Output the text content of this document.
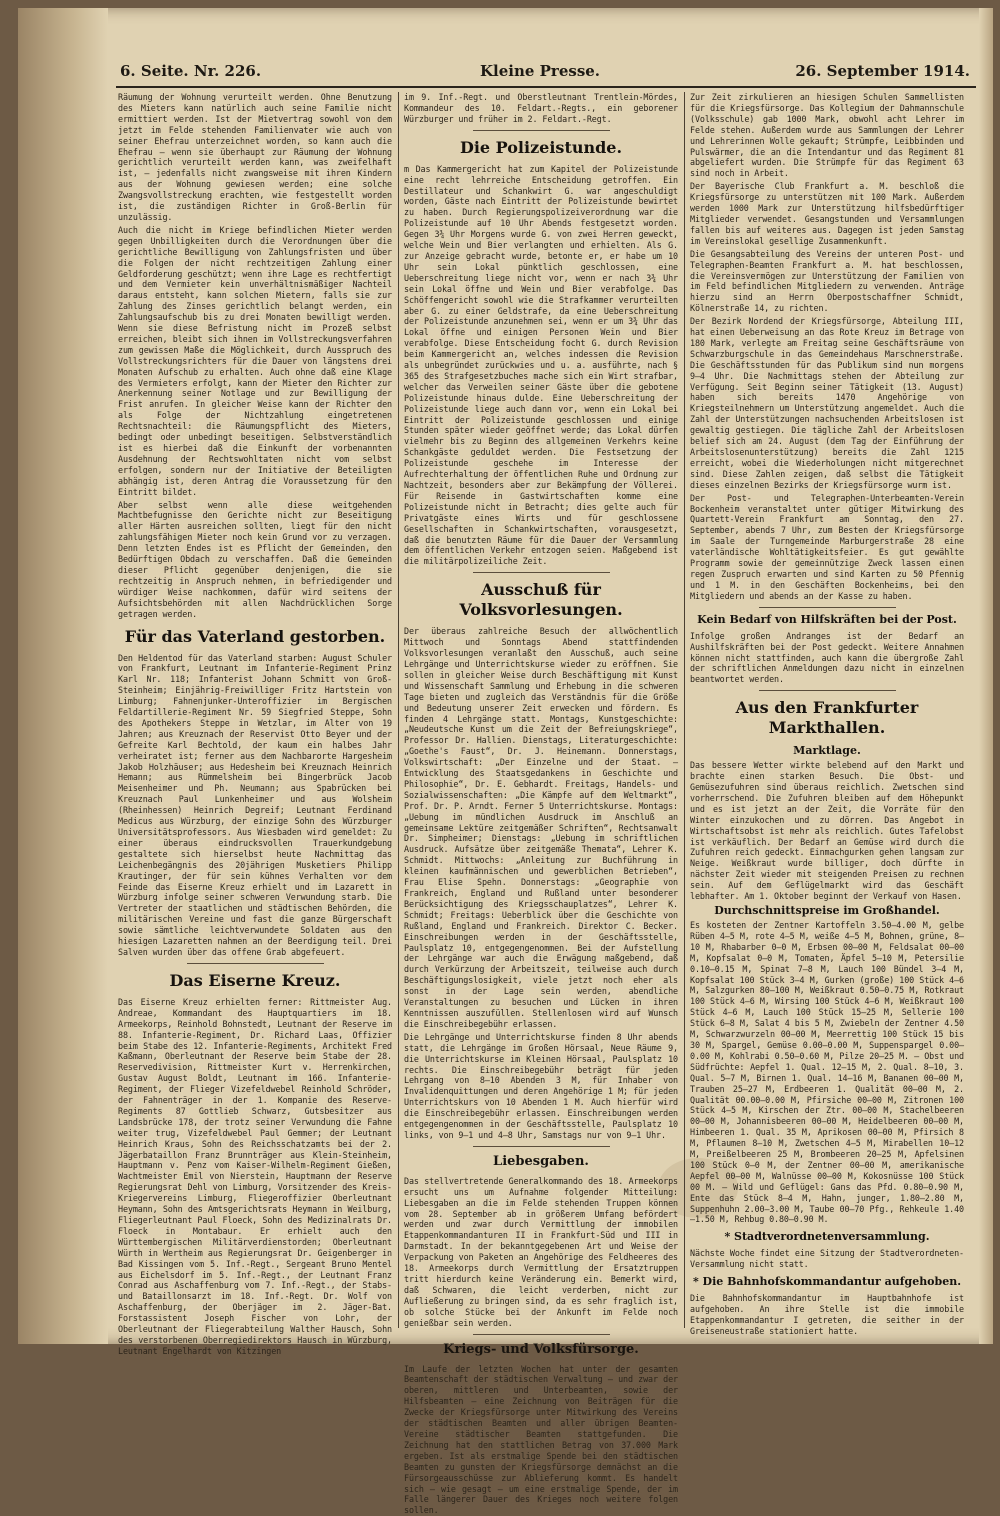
6. Seite. Nr. 226.	Kleine Presse.	26. September 1914.

Räumung der Wohnung verurteilt werden. Ohne Benutzung des Mieters kann natürlich auch seine Familie nicht ermittiert werden. Ist der Mietvertrag sowohl von dem jetzt im Felde stehenden Familienvater wie auch von seiner Ehefrau unterzeichnet worden, so kann auch die Ehefrau — wenn sie überhaupt zur Räumung der Wohnung gerichtlich verurteilt werden kann, was zweifelhaft ist, — jedenfalls nicht zwangsweise mit ihren Kindern aus der Wohnung gewiesen werden; eine solche Zwangsvollstreckung erachten, wie festgestellt worden ist, die zuständigen Richter in Groß-Berlin für unzulässig.

Auch die nicht im Kriege befindlichen Mieter werden gegen Unbilligkeiten durch die Verordnungen über die gerichtliche Bewilligung von Zahlungsfristen und über die Folgen der nicht rechtzeitigen Zahlung einer Geldforderung geschützt; wenn ihre Lage es rechtfertigt und dem Vermieter kein unverhältnismäßiger Nachteil daraus entsteht, kann solchen Mietern, falls sie zur Zahlung des Zinses gerichtlich belangt werden, ein Zahlungsaufschub bis zu drei Monaten bewilligt werden. Wenn sie diese Befristung nicht im Prozeß selbst erreichen, bleibt sich ihnen im Vollstreckungsverfahren zum gewissen Maße die Möglichkeit, durch Ausspruch des Vollstreckungsrichters für die Dauer von längstens drei Monaten Aufschub zu erhalten. Auch ohne daß eine Klage des Vermieters erfolgt, kann der Mieter den Richter zur Anerkennung seiner Notlage und zur Bewilligung der Frist anrufen. In gleicher Weise kann der Richter den als Folge der Nichtzahlung eingetretenen Rechtsnachteil: die Räumungspflicht des Mieters, bedingt oder unbedingt beseitigen. Selbstverständlich ist es hierbei daß die Einkunft der vorbenannten Ausdehnung der Rechtswohltaten nicht vom selbst erfolgen, sondern nur der Initiative der Beteiligten abhängig ist, deren Antrag die Voraussetzung für den Eintritt bildet.

Aber selbst wenn alle diese weitgehenden Machtbefugnisse den Gerichte nicht zur Beseitigung aller Härten ausreichen sollten, liegt für den nicht zahlungsfähigen Mieter noch kein Grund vor zu verzagen. Denn letzten Endes ist es Pflicht der Gemeinden, den Bedürftigen Obdach zu verschaffen. Daß die Gemeinden dieser Pflicht gegenüber denjenigen, die sie rechtzeitig in Anspruch nehmen, in befriedigender und würdiger Weise nachkommen, dafür wird seitens der Aufsichtsbehörden mit allen Nachdrücklichen Sorge getragen werden.

Für das Vaterland gestorben.

Den Heldentod für das Vaterland starben: August Schuler von Frankfurt, Leutnant im Infanterie-Regiment Prinz Karl Nr. 118; Infanterist Johann Schmitt von Groß-Steinheim; Einjährig-Freiwilliger Fritz Hartstein von Limburg; Fahnenjunker-Unteroffizier im Bergischen Feldartillerie-Regiment Nr. 59 Siegfried Steppe, Sohn des Apothekers Steppe in Wetzlar, im Alter von 19 Jahren; aus Kreuznach der Reservist Otto Beyer und der Gefreite Karl Bechtold, der kaum ein halbes Jahr verheiratet ist; ferner aus dem Nachbarorte Hargesheim Jakob Holzhäuser; aus Hedesheim bei Kreuznach Heinrich Hemann; aus Rümmelsheim bei Bingerbrück Jacob Meisenheimer und Ph. Neumann; aus Spabrücken bei Kreuznach Paul Lunkenheimer und aus Wolsheim (Rheinhessen) Heinrich Degreif; Leutnant Ferdinand Medicus aus Würzburg, der einzige Sohn des Würzburger Universitätsprofessors. Aus Wiesbaden wird gemeldet: Zu einer überaus eindrucksvollen Trauerkundgebung gestaltete sich hierselbst heute Nachmittag das Leichenbegängnis des 20jährigen Musketiers Philipp Krautinger, der für sein kühnes Verhalten vor dem Feinde das Eiserne Kreuz erhielt und im Lazarett in Würzburg infolge seiner schweren Verwundung starb. Die Vertreter der staatlichen und städtischen Behörden, die militärischen Vereine und fast die ganze Bürgerschaft sowie sämtliche leichtverwundete Soldaten aus den hiesigen Lazaretten nahmen an der Beerdigung teil. Drei Salven wurden über das offene Grab abgefeuert.

Das Eiserne Kreuz.

Das Eiserne Kreuz erhielten ferner: Rittmeister Aug. Andreae, Kommandant des Hauptquartiers im 18. Armeekorps, Reinhold Bohnstedt, Leutnant der Reserve im 88. Infanterie-Regiment, Dr. Richard Laas, Offizier beim Stabe des 12. Infanterie-Regiments, Architekt Fred Kaßmann, Oberleutnant der Reserve beim Stabe der 28. Reservedivision, Rittmeister Kurt v. Herrenkirchen, Gustav August Boldt, Leutnant im 166. Infanterie-Regiment, der Flieger Vizefeldwebel Reinhold Schröder, der Fahnenträger in der 1. Kompanie des Reserve-Regiments 87 Gottlieb Schwarz, Gutsbesitzer aus Landsbrücke 178, der trotz seiner Verwundung die Fahne weiter trug, Vizefeldwebel Paul Gemmer; der Leutnant Heinrich Kraus, Sohn des Reichsschatzamts bei der 2. Jägerbataillon Franz Brunnträger aus Klein-Steinheim, Hauptmann v. Penz vom Kaiser-Wilhelm-Regiment Gießen, Wachtmeister Emil von Nierstein, Hauptmann der Reserve Regierungsrat Dehl von Limburg, Vorsitzender des Kreis-Kriegervereins Limburg, Fliegeroffizier Oberleutnant Heymann, Sohn des Amtsgerichtsrats Heymann in Weilburg, Fliegerleutnant Paul Floeck, Sohn des Medizinalrats Dr. Floeck in Montabaur. Er erhielt auch den Württembergischen Militärverdienstorden; Oberleutnant Würth in Wertheim aus Regierungsrat Dr. Geigenberger in Bad Kissingen vom 5. Inf.-Regt., Sergeant Bruno Mentel aus Eichelsdorf im 5. Inf.-Regt., der Leutnant Franz Conrad aus Aschaffenburg vom 7. Inf.-Regt., der Stabs- und Bataillonsarzt im 18. Inf.-Regt. Dr. Wolf von Aschaffenburg, der Oberjäger im 2. Jäger-Bat. Forstassistent Joseph Fischer von Lohr, der Oberleutnant der Fliegerabteilung Walther Hausch, Sohn des verstorbenen Oberregiedirektors Hausch in Würzburg, Leutnant Engelhardt von Kitzingen

im 9. Inf.-Regt. und Oberstleutnant Trentlein-Mördes, Kommandeur des 10. Feldart.-Regts., ein geborener Würzburger und früher im 2. Feldart.-Regt.

Die Polizeistunde.

m Das Kammergericht hat zum Kapitel der Polizeistunde eine recht lehrreiche Entscheidung getroffen. Ein Destillateur und Schankwirt G. war angeschuldigt worden, Gäste nach Eintritt der Polizeistunde bewirtet zu haben. Durch Regierungspolizeiverordnung war die Polizeistunde auf 10 Uhr Abends festgesetzt worden. Gegen 3¾ Uhr Morgens wurde G. von zwei Herren geweckt, welche Wein und Bier verlangten und erhielten. Als G. zur Anzeige gebracht wurde, betonte er, er habe um 10 Uhr sein Lokal pünktlich geschlossen, eine Ueberschreitung liege nicht vor, wenn er nach 3¾ Uhr sein Lokal öffne und Wein und Bier verabfolge. Das Schöffengericht sowohl wie die Strafkammer verurteilten aber G. zu einer Geldstrafe, da eine Ueberschreitung der Polizeistunde anzunehmen sei, wenn er um 3¾ Uhr das Lokal öffne und einigen Personen Wein und Bier verabfolge. Diese Entscheidung focht G. durch Revision beim Kammergericht an, welches indessen die Revision als unbegründet zurückwies und u. a. ausführte, nach § 365 des Strafgesetzbuches mache sich ein Wirt strafbar, welcher das Verweilen seiner Gäste über die gebotene Polizeistunde hinaus dulde. Eine Ueberschreitung der Polizeistunde liege auch dann vor, wenn ein Lokal bei Eintritt der Polizeistunde geschlossen und einige Stunden später wieder geöffnet werde; das Lokal dürfen vielmehr bis zu Beginn des allgemeinen Verkehrs keine Schankgäste geduldet werden. Die Festsetzung der Polizeistunde geschehe im Interesse der Aufrechterhaltung der öffentlichen Ruhe und Ordnung zur Nachtzeit, besonders aber zur Bekämpfung der Völlerei. Für Reisende in Gastwirtschaften komme eine Polizeistunde nicht in Betracht; dies gelte auch für Privatgäste eines Wirts und für geschlossene Gesellschaften in Schankwirtschaften, vorausgesetzt, daß die benutzten Räume für die Dauer der Versammlung dem öffentlichen Verkehr entzogen seien. Maßgebend ist die militärpolizeiliche Zeit.

Ausschuß für Volksvorlesungen.

Der überaus zahlreiche Besuch der allwöchentlich Mittwoch und Sonntags Abend stattfindenden Volksvorlesungen veranlaßt den Ausschuß, auch seine Lehrgänge und Unterrichtskurse wieder zu eröffnen. Sie sollen in gleicher Weise durch Beschäftigung mit Kunst und Wissenschaft Sammlung und Erhebung in die schweren Tage bieten und zugleich das Verständnis für die Größe und Bedeutung unserer Zeit erwecken und fördern. Es finden 4 Lehrgänge statt. Montags, Kunstgeschichte: „Neudeutsche Kunst um die Zeit der Befreiungskriege“, Professor Dr. Hallien. Dienstags, Literaturgeschichte: „Goethe's Faust“, Dr. J. Heinemann. Donnerstags, Volkswirtschaft: „Der Einzelne und der Staat. — Entwicklung des Staatsgedankens in Geschichte und Philosophie“, Dr. E. Gebhardt. Freitags, Handels- und Sozialwissenschaften: „Die Kämpfe auf dem Weltmarkt“, Prof. Dr. P. Arndt. Ferner 5 Unterrichtskurse. Montags: „Uebung im mündlichen Ausdruck im Anschluß an gemeinsame Lektüre zeitgemäßer Schriften“, Rechtsanwalt Dr. Simpheimer; Dienstags: „Uebung im schriftlichen Ausdruck. Aufsätze über zeitgemäße Themata“, Lehrer K. Schmidt. Mittwochs: „Anleitung zur Buchführung in kleinen kaufmännischen und gewerblichen Betrieben“, Frau Elise Spehn. Donnerstags: „Geographie von Frankreich, England und Rußland unter besonderer Berücksichtigung des Kriegsschauplatzes“, Lehrer K. Schmidt; Freitags: Ueberblick über die Geschichte von Rußland, England und Frankreich. Direktor C. Becker. Einschreibungen werden in der Geschäftsstelle, Paulsplatz 10, entgegengenommen. Bei der Aufstellung der Lehrgänge war auch die Erwägung maßgebend, daß durch Verkürzung der Arbeitszeit, teilweise auch durch Beschäftigungslosigkeit, viele jetzt noch eher als sonst in der Lage sein werden, abendliche Veranstaltungen zu besuchen und Lücken in ihren Kenntnissen auszufüllen. Stellenlosen wird auf Wunsch die Einschreibegebühr erlassen.

Die Lehrgänge und Unterrichtskurse finden 8 Uhr abends statt, die Lehrgänge im Großen Hörsaal, Neue Räume 9, die Unterrichtskurse im Kleinen Hörsaal, Paulsplatz 10 rechts. Die Einschreibegebühr beträgt für jeden Lehrgang von 8—10 Abenden 3 M, für Inhaber von Invalidenquittungen und deren Angehörige 1 M; für jeden Unterrichtskurs von 10 Abenden 1 M. Auch hierfür wird die Einschreibegebühr erlassen. Einschreibungen werden entgegengenommen in der Geschäftsstelle, Paulsplatz 10 links, von 9—1 und 4—8 Uhr, Samstags nur von 9—1 Uhr.

Liebesgaben.

Das stellvertretende Generalkommando des 18. Armeekorps ersucht uns um Aufnahme folgender Mitteilung: Liebesgaben an die im Felde stehenden Truppen können vom 28. September ab in größerem Umfang befördert werden und zwar durch Vermittlung der immobilen Etappenkommandanturen II in Frankfurt-Süd und III in Darmstadt. In der bekanntgegebenen Art und Weise der Verpackung von Paketen an Angehörige des Feldheeres des 18. Armeekorps durch Vermittlung der Ersatztruppen tritt hierdurch keine Veränderung ein. Bemerkt wird, daß Schwaren, die leicht verderben, nicht zur Aufließerung zu bringen sind, da es sehr fraglich ist, ob solche Stücke bei der Ankunft im Felde noch genießbar sein werden.

Kriegs- und Volksfürsorge.

Im Laufe der letzten Wochen hat unter der gesamten Beamtenschaft der städtischen Verwaltung — und zwar der oberen, mittleren und Unterbeamten, sowie der Hilfsbeamten — eine Zeichnung von Beiträgen für die Zwecke der Kriegsfürsorge unter Mitwirkung des Vereins der städtischen Beamten und aller übrigen Beamten-Vereine städtischer Beamten stattgefunden. Die Zeichnung hat den stattlichen Betrag von 37.000 Mark ergeben. Ist als erstmalige Spende bei den städtischen Beamten zu gunsten der Kriegsfürsorge demnächst an die Fürsorgeausschüsse zur Ablieferung kommt. Es handelt sich — wie gesagt — um eine erstmalige Spende, der im Falle längerer Dauer des Krieges noch weitere folgen sollen.

Zur Zeit zirkulieren an hiesigen Schulen Sammellisten für die Kriegsfürsorge. Das Kollegium der Dahmannschule (Volksschule) gab 1000 Mark, obwohl acht Lehrer im Felde stehen. Außerdem wurde aus Sammlungen der Lehrer und Lehrerinnen Wolle gekauft; Strümpfe, Leibbinden und Pulswärmer, die an die Intendantur und das Regiment 81 abgeliefert wurden. Die Strümpfe für das Regiment 63 sind noch in Arbeit.

Der Bayerische Club Frankfurt a. M. beschloß die Kriegsfürsorge zu unterstützen mit 100 Mark. Außerdem werden 1000 Mark zur Unterstützung hilfsbedürftiger Mitglieder verwendet. Gesangstunden und Versammlungen fallen bis auf weiteres aus. Dagegen ist jeden Samstag im Vereinslokal gesellige Zusammenkunft.

Die Gesangsabteilung des Vereins der unteren Post- und Telegraphen-Beamten Frankfurt a. M. hat beschlossen, die Vereinsvermögen zur Unterstützung der Familien von im Feld befindlichen Mitgliedern zu verwenden. Anträge hierzu sind an Herrn Oberpostschaffner Schmidt, Kölnerstraße 14, zu richten.

Der Bezirk Nordend der Kriegsfürsorge, Abteilung III, hat einen Ueberweisung an das Rote Kreuz im Betrage von 180 Mark, verlegte am Freitag seine Geschäftsräume von Schwarzburgschule in das Gemeindehaus Marschnerstraße. Die Geschäftsstunden für das Publikum sind nun morgens 9—4 Uhr. Die Nachmittags stehen der Abteilung zur Verfügung. Seit Beginn seiner Tätigkeit (13. August) haben sich bereits 1470 Angehörige von Kriegsteilnehmern um Unterstützung angemeldet. Auch die Zahl der Unterstützungen nachsuchenden Arbeitslosen ist gewaltig gestiegen. Die tägliche Zahl der Arbeitslosen belief sich am 24. August (dem Tag der Einführung der Arbeitslosenunterstützung) bereits die Zahl 1215 erreicht, wobei die Wiederholungen nicht mitgerechnet sind. Diese Zahlen zeigen, daß selbst die Tätigkeit dieses einzelnen Bezirks der Kriegsfürsorge wurm ist.

Der Post- und Telegraphen-Unterbeamten-Verein Bockenheim veranstaltet unter gütiger Mitwirkung des Quartett-Verein Frankfurt am Sonntag, den 27. September, abends 7 Uhr, zum Besten der Kriegsfürsorge im Saale der Turngemeinde Marburgerstraße 28 eine vaterländische Wohltätigkeitsfeier. Es gut gewählte Programm sowie der gemeinnützige Zweck lassen einen regen Zuspruch erwarten und sind Karten zu 50 Pfennig und 1 M. in den Geschäften Bockenheims, bei den Mitgliedern und abends an der Kasse zu haben.

Kein Bedarf von Hilfskräften bei der Post.

Infolge großen Andranges ist der Bedarf an Aushilfskräften bei der Post gedeckt. Weitere Annahmen können nicht stattfinden, auch kann die übergroße Zahl der schriftlichen Anmeldungen dazu nicht in einzelnen beantwortet werden.

Aus den Frankfurter Markthallen.
Marktlage.

Das bessere Wetter wirkte belebend auf den Markt und brachte einen starken Besuch. Die Obst- und Gemüsezufuhren sind überaus reichlich. Zwetschen sind vorherrschend. Die Zufuhren bleiben auf dem Höhepunkt und es ist jetzt an der Zeit, die Vorräte für den Winter einzukochen und zu dörren. Das Angebot in Wirtschaftsobst ist mehr als reichlich. Gutes Tafelobst ist verkäuflich. Der Bedarf an Gemüse wird durch die Zufuhren reich gedeckt. Einmachgurken gehen langsam zur Neige. Weißkraut wurde billiger, doch dürfte in nächster Zeit wieder mit steigenden Preisen zu rechnen sein. Auf dem Geflügelmarkt wird das Geschäft lebhafter. Am 1. Oktober beginnt der Verkauf von Hasen.

Durchschnittspreise im Großhandel.

Es kosteten der Zentner Kartoffeln 3.50—4.00 M, gelbe Rüben 4—5 M, rote 4—5 M, weiße 4—5 M, Bohnen, grüne, 8—10 M, Rhabarber 0—0 M, Erbsen 00—00 M, Feldsalat 00—00 M, Kopfsalat 0—0 M, Tomaten, Äpfel 5—10 M, Petersilie 0.10—0.15 M, Spinat 7—8 M, Lauch 100 Bündel 3—4 M, Kopfsalat 100 Stück 3—4 M, Gurken (große) 100 Stück 4—6 M, Salzgurken 80—100 M, Weißkraut 0.50—0.75 M, Rotkraut 100 Stück 4—6 M, Wirsing 100 Stück 4—6 M, Weißkraut 100 Stück 4—6 M, Lauch 100 Stück 15—25 M, Sellerie 100 Stück 6—8 M, Salat 4 bis 5 M, Zwiebeln der Zentner 4.50 M, Schwarzwurzeln 00—00 M, Meerrettig 100 Stück 15 bis 30 M, Spargel, Gemüse 0.00—0.00 M, Suppenspargel 0.00—0.00 M, Kohlrabi 0.50—0.60 M, Pilze 20—25 M. — Obst und Südfrüchte: Aepfel 1. Qual. 12—15 M, 2. Qual. 8—10, 3. Qual. 5—7 M, Birnen 1. Qual. 14—16 M, Bananen 00—00 M, Trauben 25—27 M, Erdbeeren 1. Qualität 00—00 M, 2. Qualität 00.00—0.00 M, Pfirsiche 00—00 M, Zitronen 100 Stück 4—5 M, Kirschen der Ztr. 00—00 M, Stachelbeeren 00—00 M, Johannisbeeren 00—00 M, Heidelbeeren 00—00 M, Himbeeren 1. Qual. 35 M, Aprikosen 00—00 M, Pfirsich 8 M, Pflaumen 8—10 M, Zwetschen 4—5 M, Mirabellen 10—12 M, Preißelbeeren 25 M, Brombeeren 20—25 M, Apfelsinen 100 Stück 0—0 M, der Zentner 00—00 M, amerikanische Aepfel 00—00 M, Walnüsse 00—00 M, Kokosnüsse 100 Stück 00 M. — Wild und Geflügel: Gans das Pfd. 0.80—0.90 M, Ente das Stück 8—4 M, Hahn, junger, 1.80—2.80 M, Suppenhuhn 2.00—3.00 M, Taube 00—70 Pfg., Rehkeule 1.40—1.50 M, Rehbug 0.80—0.90 M.

* Stadtverordnetenversammlung.

Nächste Woche findet eine Sitzung der Stadtverordneten-Versammlung nicht statt.

* Die Bahnhofskommandantur aufgehoben.

Die Bahnhofskommandantur im Hauptbahnhofe ist aufgehoben. An ihre Stelle ist die immobile Etappenkommandantur I getreten, die seither in der Greiseneustraße stationiert hatte.
